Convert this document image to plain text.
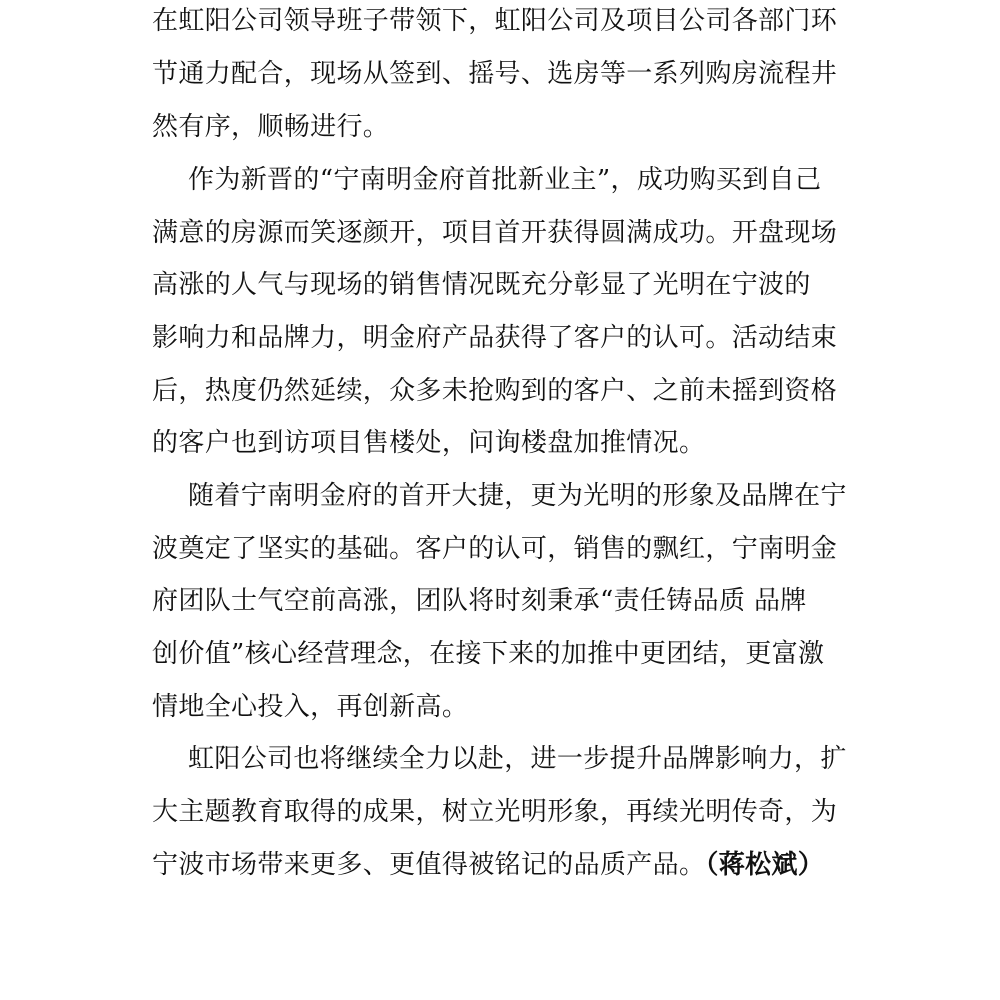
在虹阳公司领导班子带领下，虹阳公司及项目公司各部门环
节通力配合，现场从签到、摇号、选房等一系列购房流程井
然有序，顺畅进行。
作为新晋的“宁南明金府首批新业主”，成功购买到自己
满意的房源而笑逐颜开，项目首开获得圆满成功。开盘现场
高涨的人气与现场的销售情况既充分彰显了光明在宁波的
影响力和品牌力，明金府产品获得了客户的认可。活动结束
后，热度仍然延续，众多未抢购到的客户、之前未摇到资格
的客户也到访项目售楼处，问询楼盘加推情况。
随着宁南明金府的首开大捷，更为光明的形象及品牌在宁
波奠定了坚实的基础。客户的认可，销售的飘红，宁南明金
府团队士气空前高涨，团队将时刻秉承“责任铸品质 品牌
创价值”核心经营理念，在接下来的加推中更团结，更富激
情地全心投入，再创新高。
虹阳公司也将继续全力以赴，进一步提升品牌影响力，扩
大主题教育取得的成果，树立光明形象，再续光明传奇，为
宁波市场带来更多、更值得被铭记的品质产品。（蒋松斌）
